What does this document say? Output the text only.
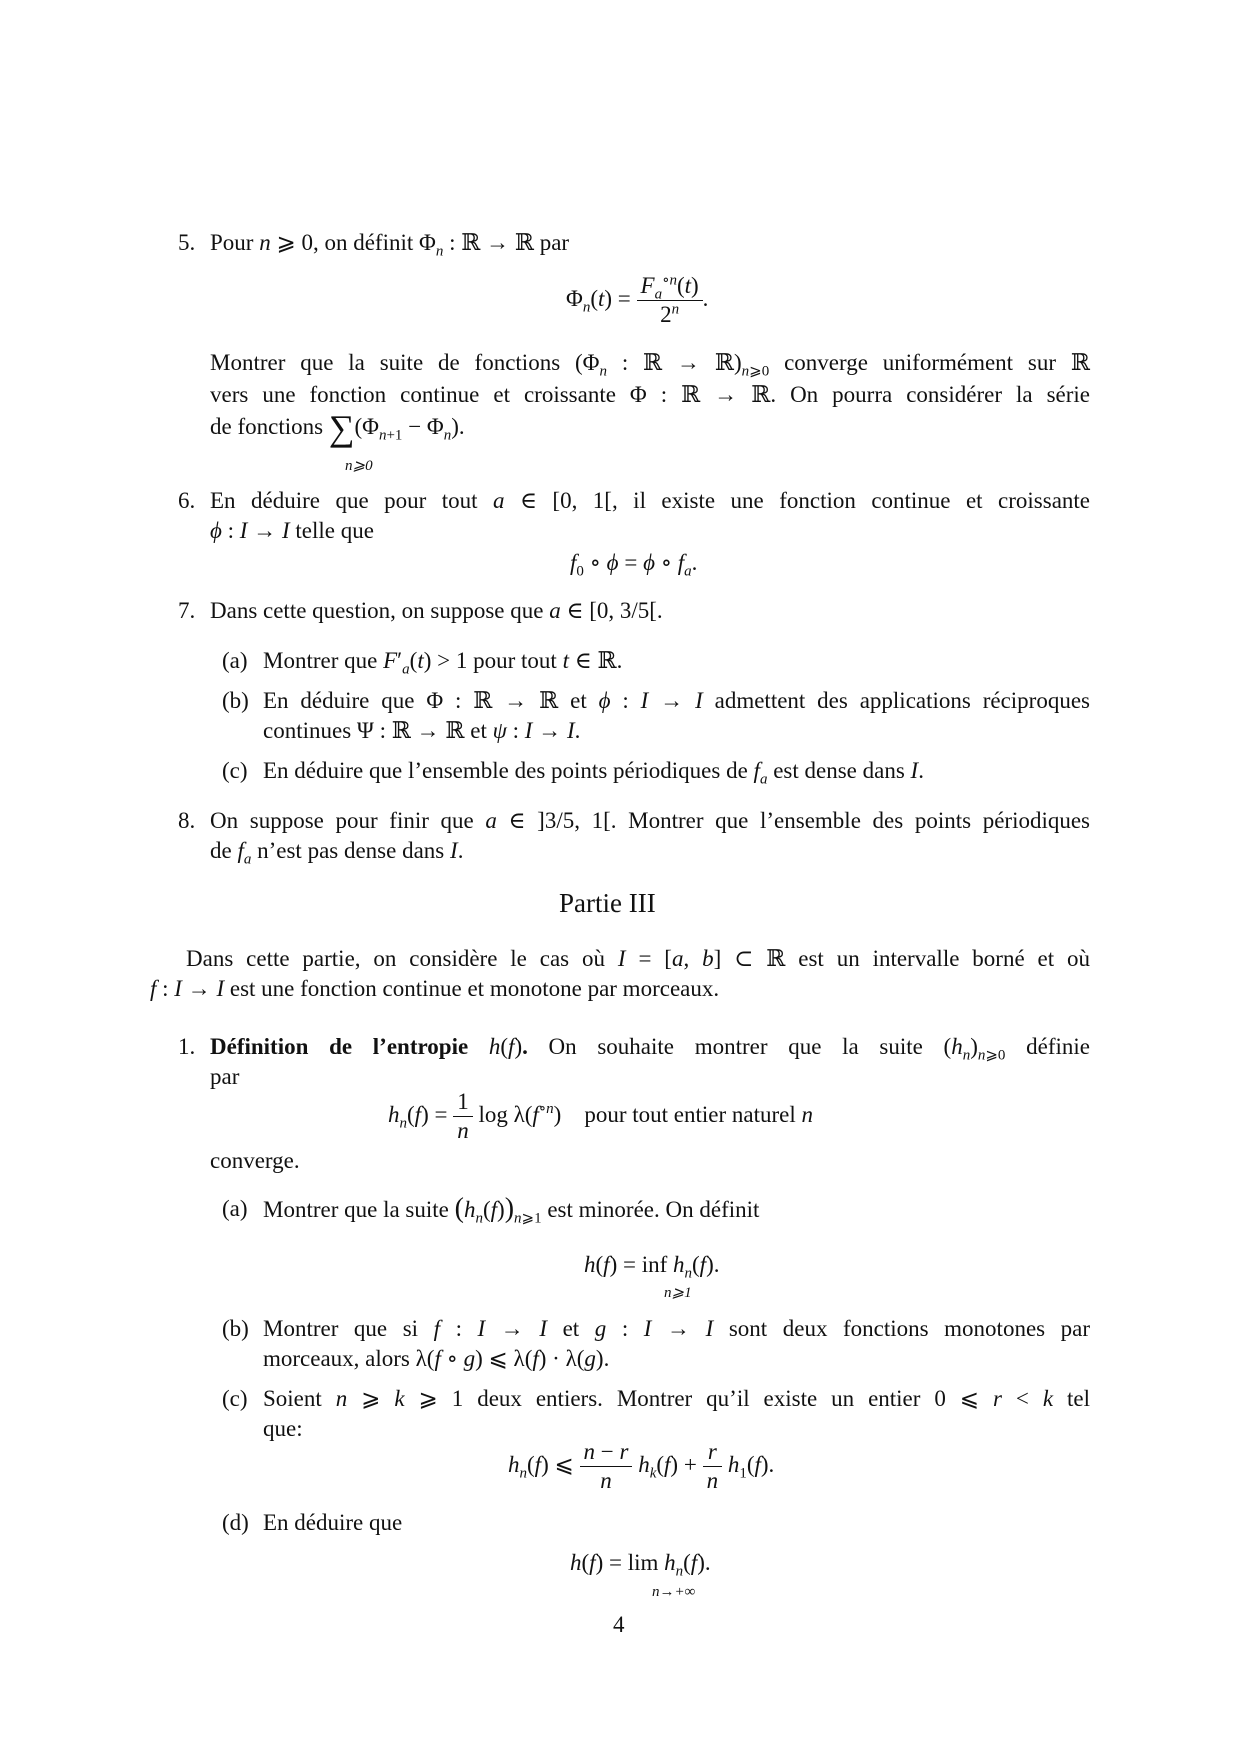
5. Pour n ⩾ 0, on définit $\Phi_n$ : ℝ → ℝ par
$\Phi_n(t) = \frac{F_a^{\circ n}(t)}{2^n}$ .
Montrer que la suite de fonctions ($\Phi_n$ : ℝ → $ℝ)_{n⩾0}$ converge uniformément sur ℝ
vers une fonction continue et croissante Φ : ℝ → ℝ. On pourra considérer la série
de fonctions $\sum(\Phi_{n+1} - \Phi_n)$.
n⩾0
6. En déduire que pour tout a ∈ [0, 1[, il existe une fonction continue et croissante
ϕ : I → I telle que
$f_0$ ∘ ϕ = ϕ ∘ $f_a$.
7. Dans cette question, on suppose que a ∈ [0, 3/5[.
(a) Montrer que $F'_a(t) > 1$ pour tout t ∈ ℝ.
(b) En déduire que Φ : ℝ → ℝ et ϕ : I → I admettent des applications réciproques
continues Ψ : ℝ → ℝ et ψ : I → I.
(c) En déduire que l’ensemble des points périodiques de $f_a$ est dense dans I.
8. On suppose pour finir que a ∈ ]3/5, 1[. Montrer que l’ensemble des points périodiques
de $f_a$ n’est pas dense dans I.
Partie III
Dans cette partie, on considère le cas où I = [a, b] ⊂ ℝ est un intervalle borné et où
f : I → I est une fonction continue et monotone par morceaux.
1. Définition de l’entropie h(f). On souhaite montrer que la suite $(h_n)_{n⩾0}$ définie
par
$h_n(f) = \frac{1}{n}$ $\log \lambda(f^{\circ n})$    pour tout entier naturel n
converge.
(a) Montrer que la suite $(h_n(f))_{n⩾1}$ est minorée. On définit
h(f) = inf $h_n(f)$.
n⩾1
(b) Montrer que si f : I → I et g : I → I sont deux fonctions monotones par
morceaux, alors λ(f ∘ g) ⩽ λ(f) · λ(g).
(c) Soient n ⩾ k ⩾ 1 deux entiers. Montrer qu’il existe un entier 0 ⩽ r < k tel
que:
$h_n(f)$ ⩽ $\frac{n - r}{n} h_k(f) + \frac{r}{n} h_1(f)$.
(d) En déduire que
$h(f) = \lim h_n(f)$.
n→+∞
4
